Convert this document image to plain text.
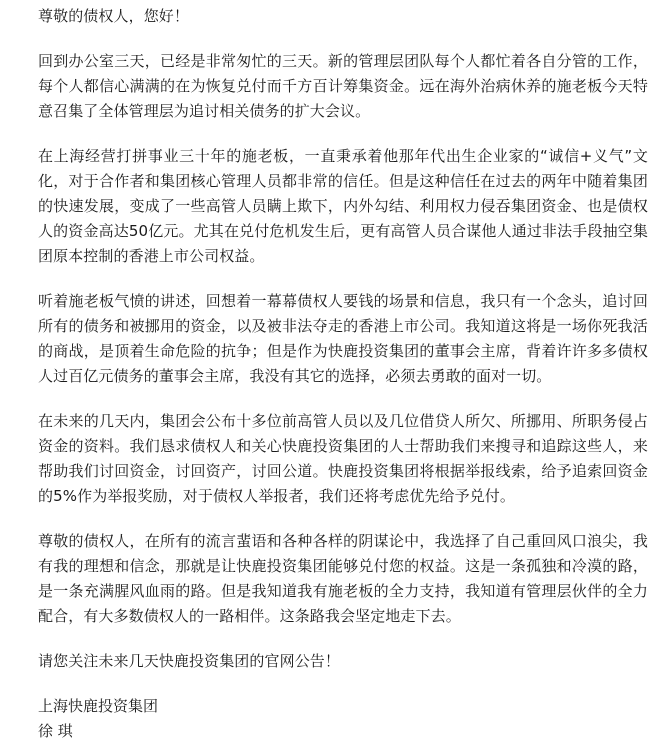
尊敬的债权人，您好！

回到办公室三天，已经是非常匆忙的三天。新的管理层团队每个人都忙着各自分管的工作，每个人都信心满满的在为恢复兑付而千方百计筹集资金。远在海外治病休养的施老板今天特意召集了全体管理层为追讨相关债务的扩大会议。

在上海经营打拼事业三十年的施老板，一直秉承着他那年代出生企业家的“诚信+义气”文化，对于合作者和集团核心管理人员都非常的信任。但是这种信任在过去的两年中随着集团的快速发展，变成了一些高管人员瞒上欺下，内外勾结、利用权力侵吞集团资金、也是债权人的资金高达50亿元。尤其在兑付危机发生后，更有高管人员合谋他人通过非法手段抽空集团原本控制的香港上市公司权益。

听着施老板气愤的讲述，回想着一幕幕债权人要钱的场景和信息，我只有一个念头，追讨回所有的债务和被挪用的资金，以及被非法夺走的香港上市公司。我知道这将是一场你死我活的商战，是顶着生命危险的抗争；但是作为快鹿投资集团的董事会主席，背着许许多多债权人过百亿元债务的董事会主席，我没有其它的选择，必须去勇敢的面对一切。

在未来的几天内，集团会公布十多位前高管人员以及几位借贷人所欠、所挪用、所职务侵占资金的资料。我们恳求债权人和关心快鹿投资集团的人士帮助我们来搜寻和追踪这些人，来帮助我们讨回资金，讨回资产，讨回公道。快鹿投资集团将根据举报线索，给予追索回资金的5%作为举报奖励，对于债权人举报者，我们还将考虑优先给予兑付。

尊敬的债权人，在所有的流言蜚语和各种各样的阴谋论中，我选择了自己重回风口浪尖，我有我的理想和信念，那就是让快鹿投资集团能够兑付您的权益。这是一条孤独和冷漠的路，是一条充满腥风血雨的路。但是我知道我有施老板的全力支持，我知道有管理层伙伴的全力配合，有大多数债权人的一路相伴。这条路我会坚定地走下去。

请您关注未来几天快鹿投资集团的官网公告！

上海快鹿投资集团
徐 琪
